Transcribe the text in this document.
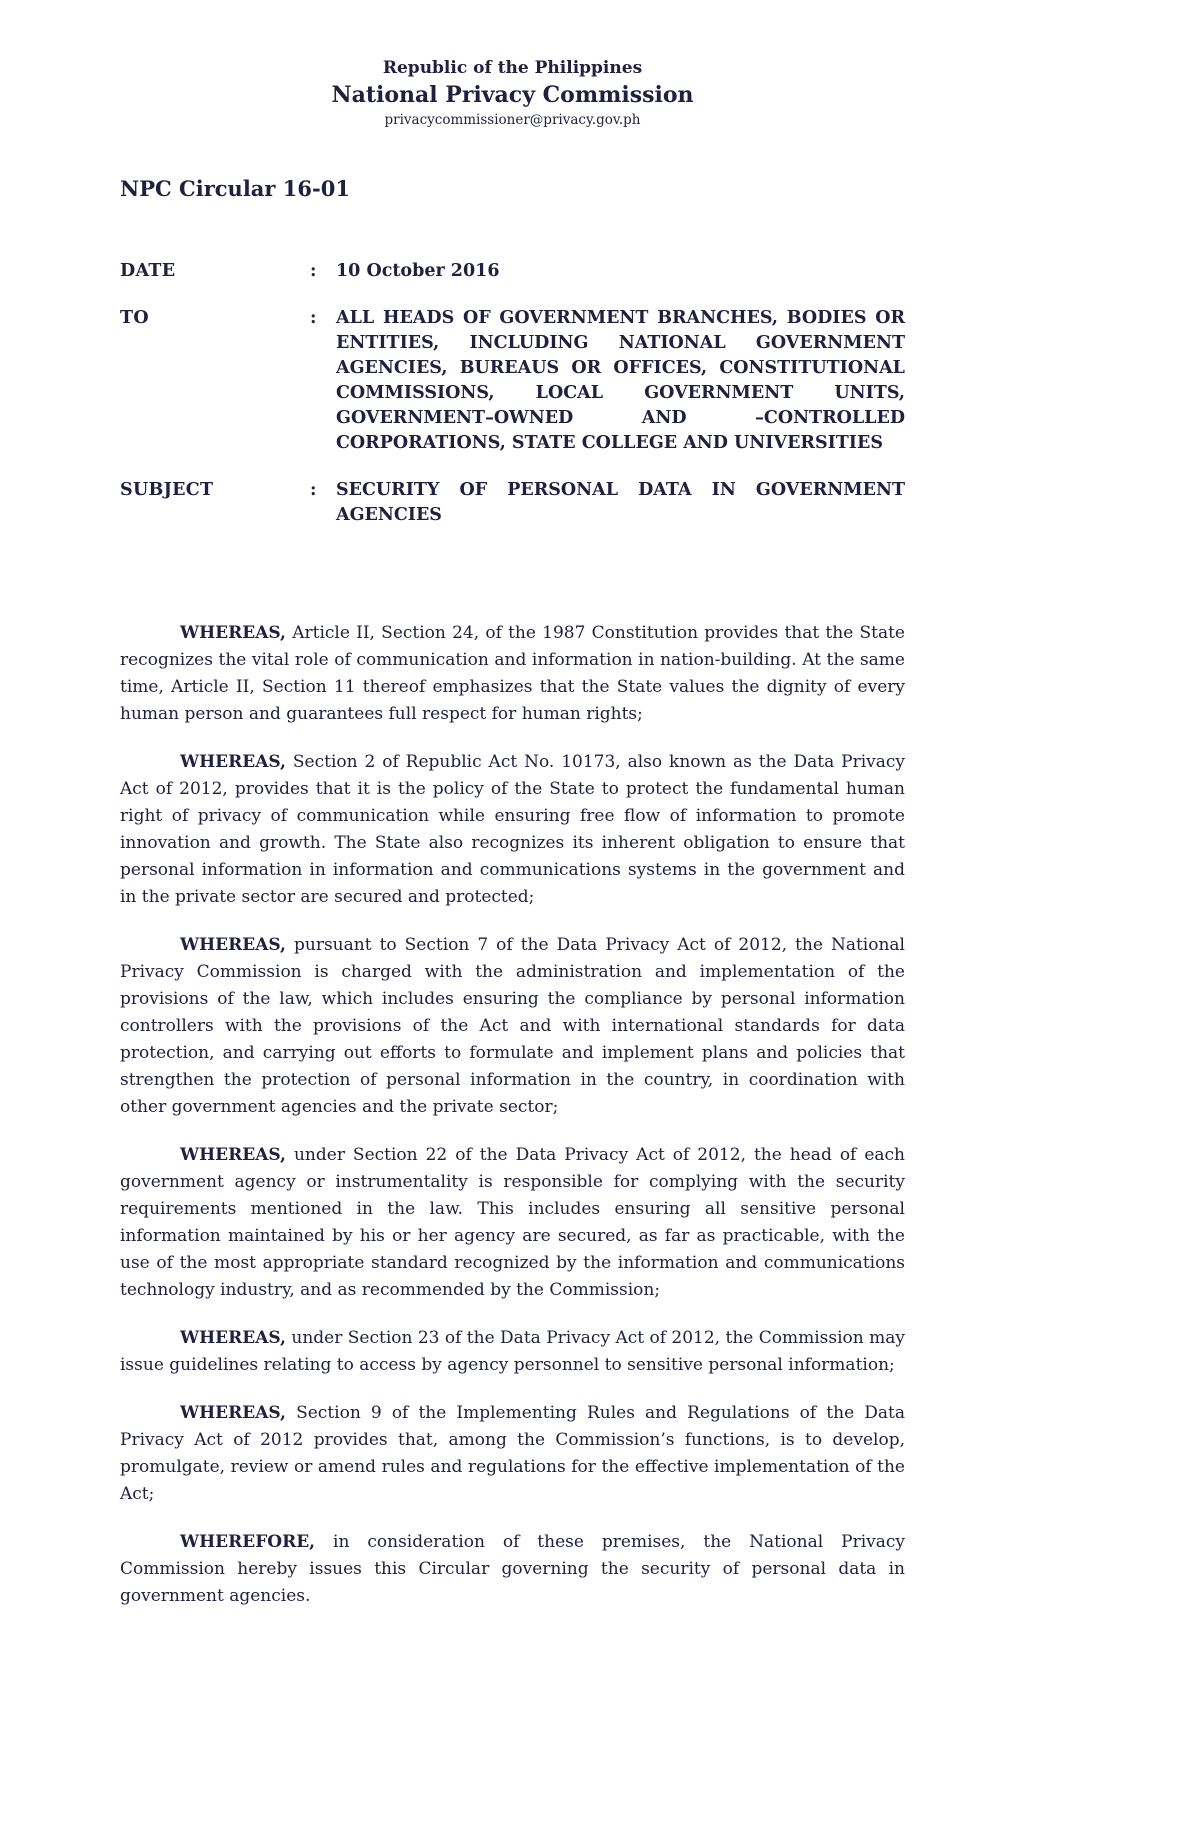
Republic of the Philippines
National Privacy Commission
privacycommissioner@privacy.gov.ph
NPC Circular 16-01
DATE	:	10 October 2016
TO	:	ALL HEADS OF GOVERNMENT BRANCHES, BODIES OR ENTITIES, INCLUDING NATIONAL GOVERNMENT AGENCIES, BUREAUS OR OFFICES, CONSTITUTIONAL COMMISSIONS, LOCAL GOVERNMENT UNITS, GOVERNMENT–OWNED AND –CONTROLLED CORPORATIONS, STATE COLLEGE AND UNIVERSITIES
SUBJECT	:	SECURITY OF PERSONAL DATA IN GOVERNMENT AGENCIES

WHEREAS, Article II, Section 24, of the 1987 Constitution provides that the State recognizes the vital role of communication and information in nation-building. At the same time, Article II, Section 11 thereof emphasizes that the State values the dignity of every human person and guarantees full respect for human rights;

WHEREAS, Section 2 of Republic Act No. 10173, also known as the Data Privacy Act of 2012, provides that it is the policy of the State to protect the fundamental human right of privacy of communication while ensuring free flow of information to promote innovation and growth. The State also recognizes its inherent obligation to ensure that personal information in information and communications systems in the government and in the private sector are secured and protected;

WHEREAS, pursuant to Section 7 of the Data Privacy Act of 2012, the National Privacy Commission is charged with the administration and implementation of the provisions of the law, which includes ensuring the compliance by personal information controllers with the provisions of the Act and with international standards for data protection, and carrying out efforts to formulate and implement plans and policies that strengthen the protection of personal information in the country, in coordination with other government agencies and the private sector;

WHEREAS, under Section 22 of the Data Privacy Act of 2012, the head of each government agency or instrumentality is responsible for complying with the security requirements mentioned in the law. This includes ensuring all sensitive personal information maintained by his or her agency are secured, as far as practicable, with the use of the most appropriate standard recognized by the information and communications technology industry, and as recommended by the Commission;

WHEREAS, under Section 23 of the Data Privacy Act of 2012, the Commission may issue guidelines relating to access by agency personnel to sensitive personal information;

WHEREAS, Section 9 of the Implementing Rules and Regulations of the Data Privacy Act of 2012 provides that, among the Commission’s functions, is to develop, promulgate, review or amend rules and regulations for the effective implementation of the Act;

WHEREFORE, in consideration of these premises, the National Privacy Commission hereby issues this Circular governing the security of personal data in government agencies.
